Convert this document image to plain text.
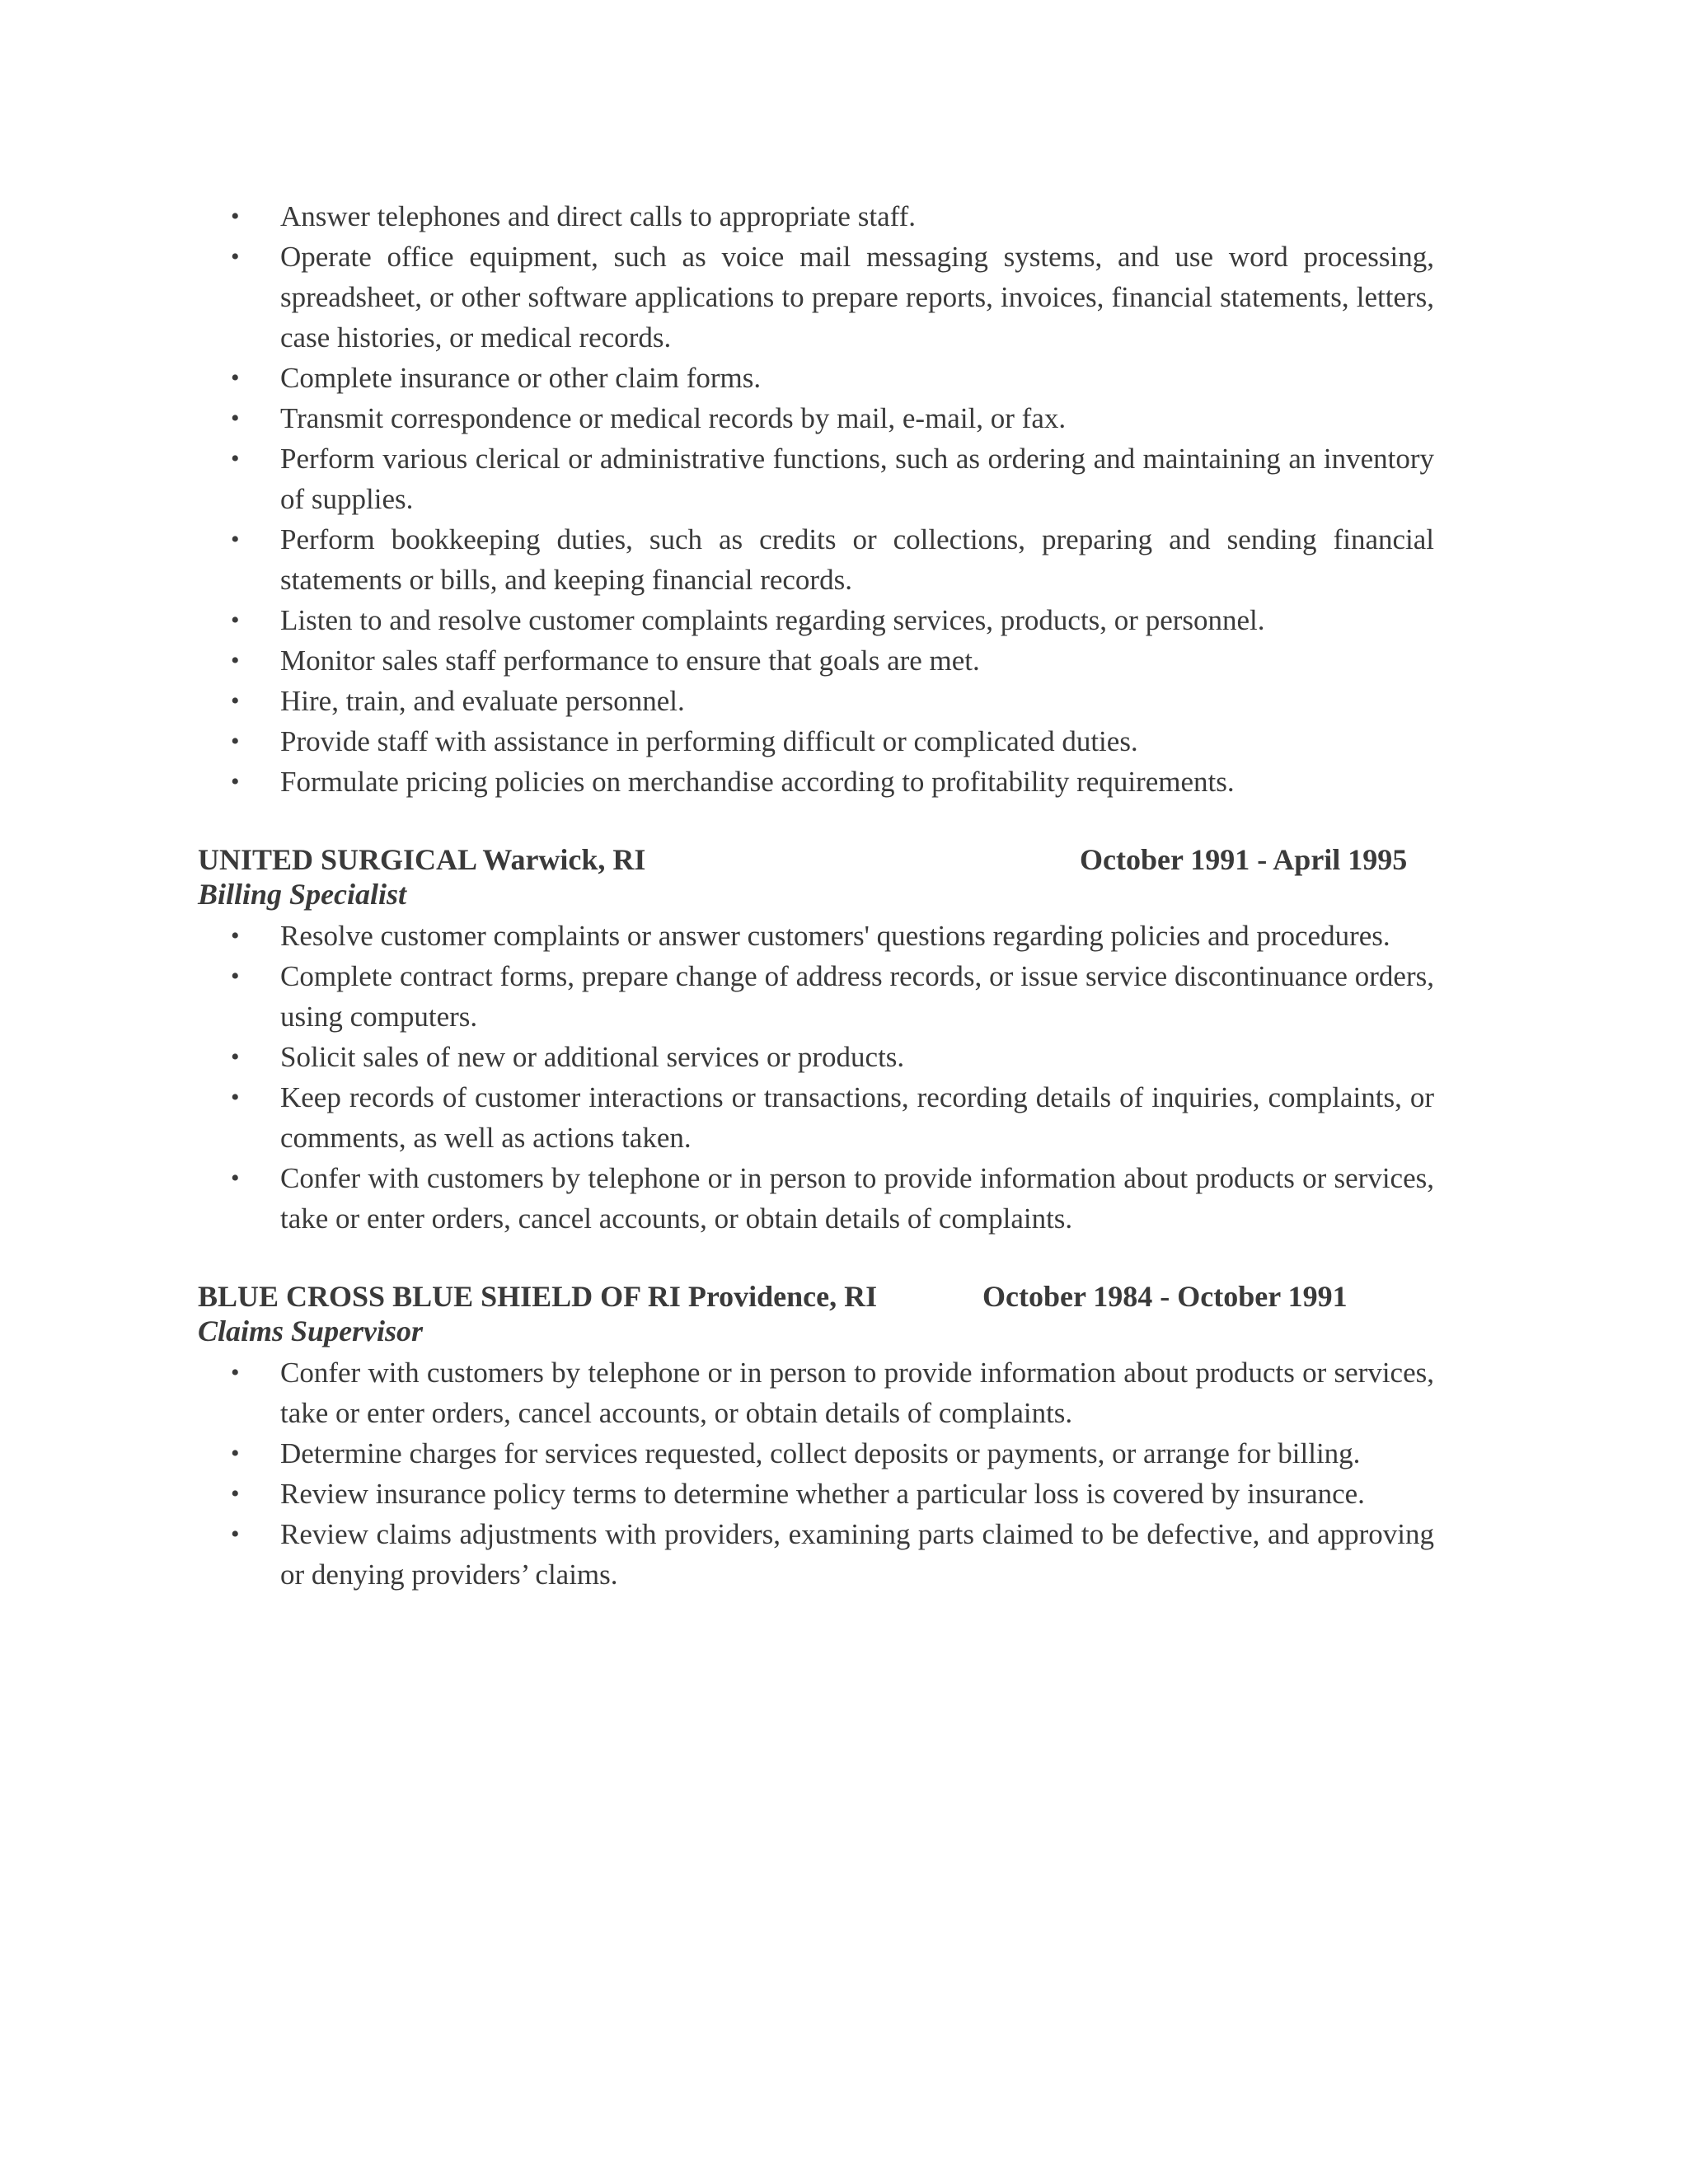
• Answer telephones and direct calls to appropriate staff.
• Operate office equipment, such as voice mail messaging systems, and use word processing, spreadsheet, or other software applications to prepare reports, invoices, financial statements, letters, case histories, or medical records.
• Complete insurance or other claim forms.
• Transmit correspondence or medical records by mail, e-mail, or fax.
• Perform various clerical or administrative functions, such as ordering and maintaining an inventory of supplies.
• Perform bookkeeping duties, such as credits or collections, preparing and sending financial statements or bills, and keeping financial records.
• Listen to and resolve customer complaints regarding services, products, or personnel.
• Monitor sales staff performance to ensure that goals are met.
• Hire, train, and evaluate personnel.
• Provide staff with assistance in performing difficult or complicated duties.
• Formulate pricing policies on merchandise according to profitability requirements.
UNITED SURGICAL Warwick, RI	October 1991 - April 1995
Billing Specialist
• Resolve customer complaints or answer customers' questions regarding policies and procedures.
• Complete contract forms, prepare change of address records, or issue service discontinuance orders, using computers.
• Solicit sales of new or additional services or products.
• Keep records of customer interactions or transactions, recording details of inquiries, complaints, or comments, as well as actions taken.
• Confer with customers by telephone or in person to provide information about products or services, take or enter orders, cancel accounts, or obtain details of complaints.
BLUE CROSS BLUE SHIELD OF RI Providence, RI	October 1984 - October 1991
Claims Supervisor
• Confer with customers by telephone or in person to provide information about products or services, take or enter orders, cancel accounts, or obtain details of complaints.
• Determine charges for services requested, collect deposits or payments, or arrange for billing.
• Review insurance policy terms to determine whether a particular loss is covered by insurance.
• Review claims adjustments with providers, examining parts claimed to be defective, and approving or denying providers’ claims.
